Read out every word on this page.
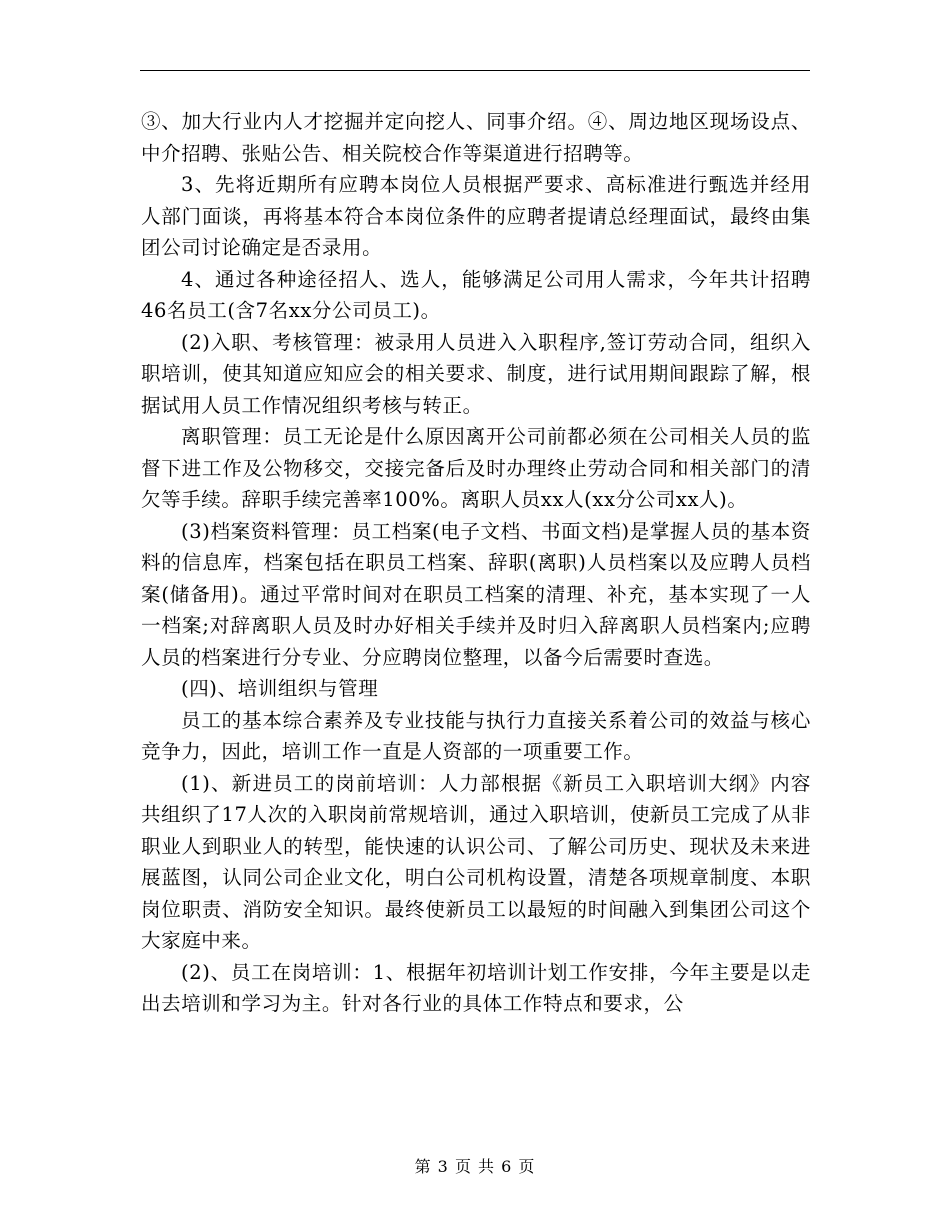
③、加大行业内人才挖掘并定向挖人、同事介绍。④、周边地区现场设点、中介招聘、张贴公告、相关院校合作等渠道进行招聘等。

3、先将近期所有应聘本岗位人员根据严要求、高标准进行甄选并经用人部门面谈，再将基本符合本岗位条件的应聘者提请总经理面试，最终由集团公司讨论确定是否录用。

4、通过各种途径招人、选人，能够满足公司用人需求，今年共计招聘46名员工(含7名xx分公司员工)。

(2)入职、考核管理：被录用人员进入入职程序,签订劳动合同，组织入职培训，使其知道应知应会的相关要求、制度，进行试用期间跟踪了解，根据试用人员工作情况组织考核与转正。

离职管理：员工无论是什么原因离开公司前都必须在公司相关人员的监督下进工作及公物移交，交接完备后及时办理终止劳动合同和相关部门的清欠等手续。辞职手续完善率100%。离职人员xx人(xx分公司xx人)。

(3)档案资料管理：员工档案(电子文档、书面文档)是掌握人员的基本资料的信息库，档案包括在职员工档案、辞职(离职)人员档案以及应聘人员档案(储备用)。通过平常时间对在职员工档案的清理、补充，基本实现了一人一档案;对辞离职人员及时办好相关手续并及时归入辞离职人员档案内;应聘人员的档案进行分专业、分应聘岗位整理，以备今后需要时查选。

(四)、培训组织与管理

员工的基本综合素养及专业技能与执行力直接关系着公司的效益与核心竞争力，因此，培训工作一直是人资部的一项重要工作。

(1)、新进员工的岗前培训：人力部根据《新员工入职培训大纲》内容共组织了17人次的入职岗前常规培训，通过入职培训，使新员工完成了从非职业人到职业人的转型，能快速的认识公司、了解公司历史、现状及未来进展蓝图，认同公司企业文化，明白公司机构设置，清楚各项规章制度、本职岗位职责、消防安全知识。最终使新员工以最短的时间融入到集团公司这个大家庭中来。

(2)、员工在岗培训：1、根据年初培训计划工作安排，今年主要是以走出去培训和学习为主。针对各行业的具体工作特点和要求，公

第 3 页 共 6 页
